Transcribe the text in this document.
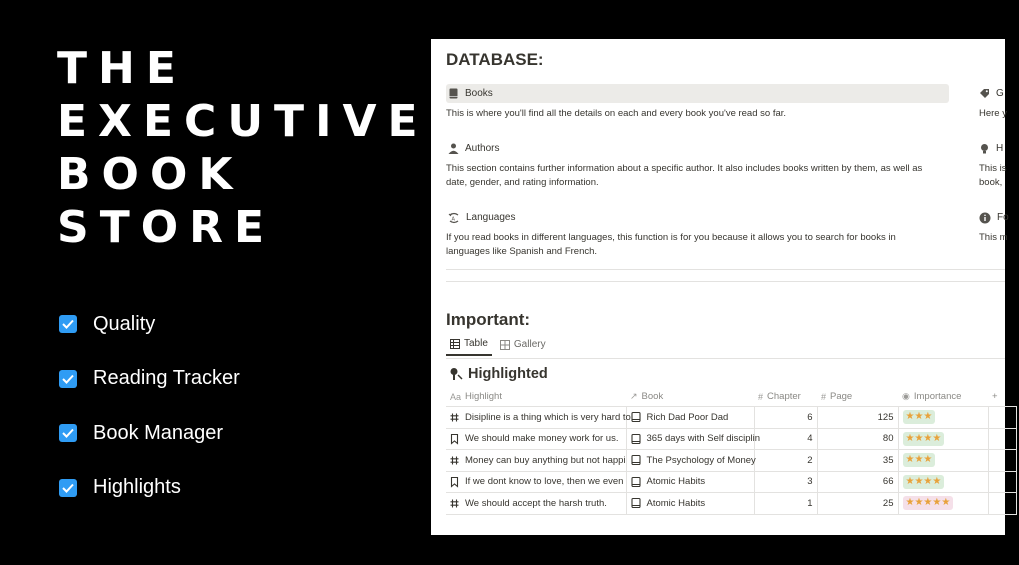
THE
EXECUTIVE
BOOK
STORE
Quality
Reading Tracker
Book Manager
Highlights
DATABASE:
Books
This is where you'll find all the details on each and every book you've read so far.
Authors
This section contains further information about a specific author. It also includes books written by them, as well as date, gender, and rating information.
A Languages
If you read books in different languages, this function is for you because it allows you to search for books in languages like Spanish and French.
G
Here y
H
This is
book,
Fo
This m
Important:
Table	Gallery
Highlighted
Aa Highlight	↗ Book	# Chapter	# Page	◉ Importance	+

Disipline is a thing which is very hard to	Rich Dad Poor Dad	6	125	★★★	

We should make money work for us.	365 days with Self disciplin	4	80	★★★★	

Money can buy anything but not happi	The Psychology of Money	2	35	★★★	

If we dont know to love, then we even	Atomic Habits	3	66	★★★★	

We should accept the harsh truth.	Atomic Habits	1	25	★★★★★	
